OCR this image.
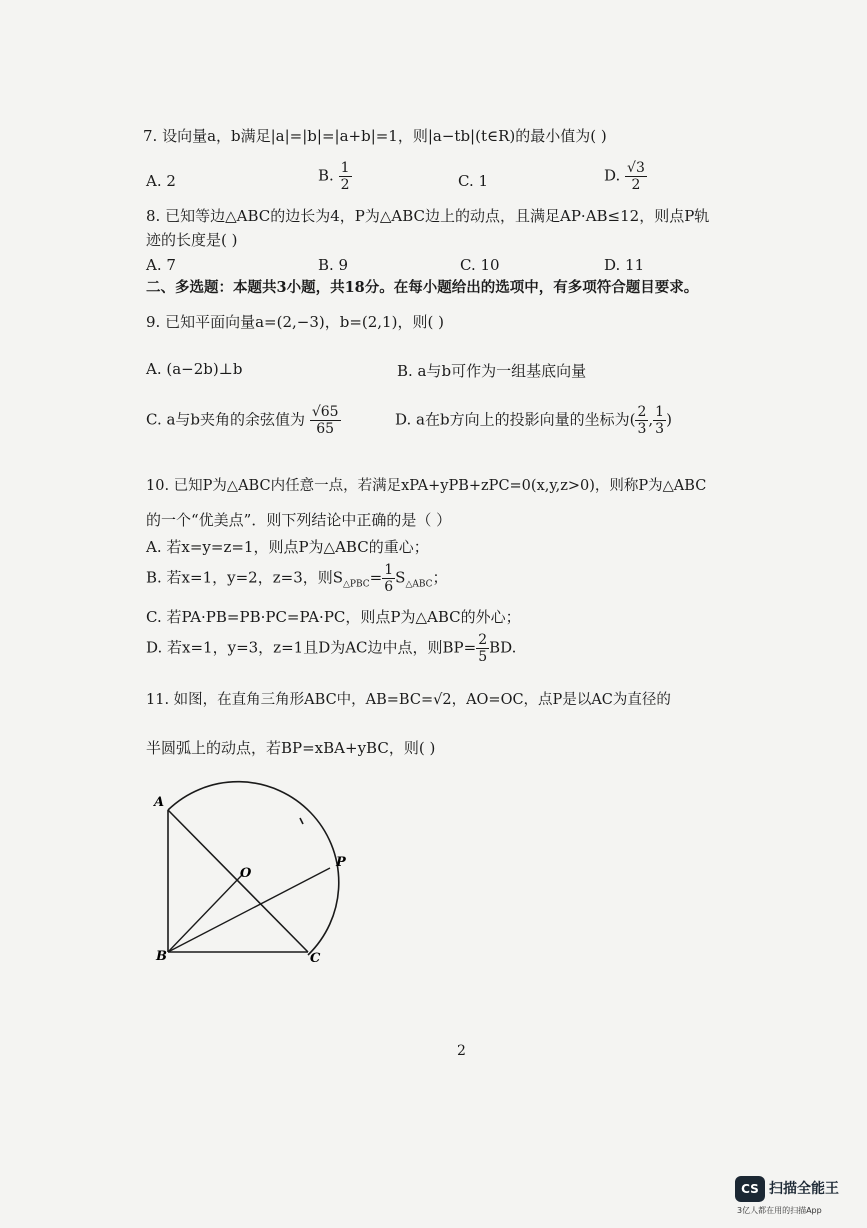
7. 设向量a，b满足|a|=|b|=|a+b|=1，则|a−tb|(t∈R)的最小值为( )
A. 2	B. $\frac{1}{2}$	C. 1	D. $\frac{√3}{2}$
8. 已知等边△ABC的边长为4，P为△ABC边上的动点，且满足AP·AB≤12，则点P轨
迹的长度是( )
A. 7	B. 9	C. 10	D. 11
二、多选题：本题共3小题，共18分。在每小题给出的选项中，有多项符合题目要求。
9. 已知平面向量a=(2,−3)，b=(2,1)，则( )
A. (a−2b)⊥b	B. a与b可作为一组基底向量
C. a与b夹角的余弦值为 $\frac{√65}{65}$	D. a在b方向上的投影向量的坐标为( $\frac{2}{3}$ , $\frac{1}{3}$ )
10. 已知P为△ABC内任意一点，若满足xPA+yPB+zPC=0(x,y,z>0)，则称P为△ABC
的一个“优美点”．则下列结论中正确的是（ ）
A. 若x=y=z=1，则点P为△ABC的重心；
B. 若x=1，y=2，z=3，则$S_{\triangle PBC}= \frac{1}{6} S_{\triangle ABC}$；
C. 若PA·PB=PB·PC=PA·PC，则点P为△ABC的外心；
D. 若x=1，y=3，z=1且D为AC边中点，则$BP= \frac{2}{5}$ BD.
11. 如图，在直角三角形ABC中，AB=BC=√2，AO=OC，点P是以AC为直径的
半圆弧上的动点，若BP=xBA+yBC，则( )
A
B	C
O
P
2
CS 扫描全能王
3亿人都在用的扫描App
